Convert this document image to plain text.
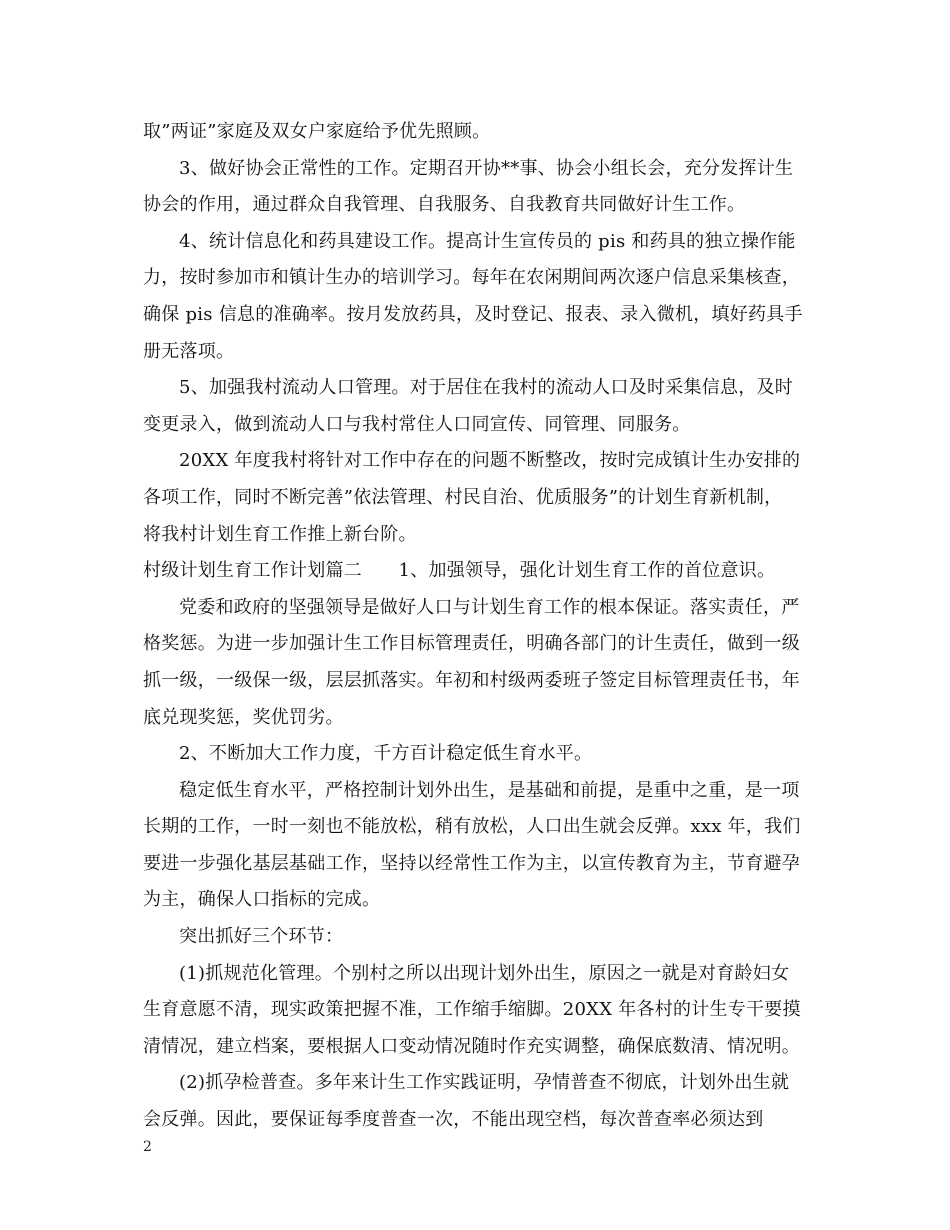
取”两证”家庭及双女户家庭给予优先照顾。
3、做好协会正常性的工作。定期召开协**事、协会小组长会，充分发挥计生
协会的作用，通过群众自我管理、自我服务、自我教育共同做好计生工作。
4、统计信息化和药具建设工作。提高计生宣传员的 pis 和药具的独立操作能
力，按时参加市和镇计生办的培训学习。每年在农闲期间两次逐户信息采集核查，
确保 pis 信息的准确率。按月发放药具，及时登记、报表、录入微机，填好药具手
册无落项。
5、加强我村流动人口管理。对于居住在我村的流动人口及时采集信息，及时
变更录入，做到流动人口与我村常住人口同宣传、同管理、同服务。
20XX 年度我村将针对工作中存在的问题不断整改，按时完成镇计生办安排的
各项工作，同时不断完善”依法管理、村民自治、优质服务”的计划生育新机制，
将我村计划生育工作推上新台阶。
村级计划生育工作计划篇二　　1、加强领导，强化计划生育工作的首位意识。
党委和政府的坚强领导是做好人口与计划生育工作的根本保证。落实责任，严
格奖惩。为进一步加强计生工作目标管理责任，明确各部门的计生责任，做到一级
抓一级，一级保一级，层层抓落实。年初和村级两委班子签定目标管理责任书，年
底兑现奖惩，奖优罚劣。
2、不断加大工作力度，千方百计稳定低生育水平。
稳定低生育水平，严格控制计划外出生，是基础和前提，是重中之重，是一项
长期的工作，一时一刻也不能放松，稍有放松，人口出生就会反弹。xxx 年，我们
要进一步强化基层基础工作，坚持以经常性工作为主，以宣传教育为主，节育避孕
为主，确保人口指标的完成。
突出抓好三个环节：
(1)抓规范化管理。个别村之所以出现计划外出生，原因之一就是对育龄妇女
生育意愿不清，现实政策把握不准，工作缩手缩脚。20XX 年各村的计生专干要摸
清情况，建立档案，要根据人口变动情况随时作充实调整，确保底数清、情况明。
(2)抓孕检普查。多年来计生工作实践证明，孕情普查不彻底，计划外出生就
会反弹。因此，要保证每季度普查一次，不能出现空档，每次普查率必须达到
2
